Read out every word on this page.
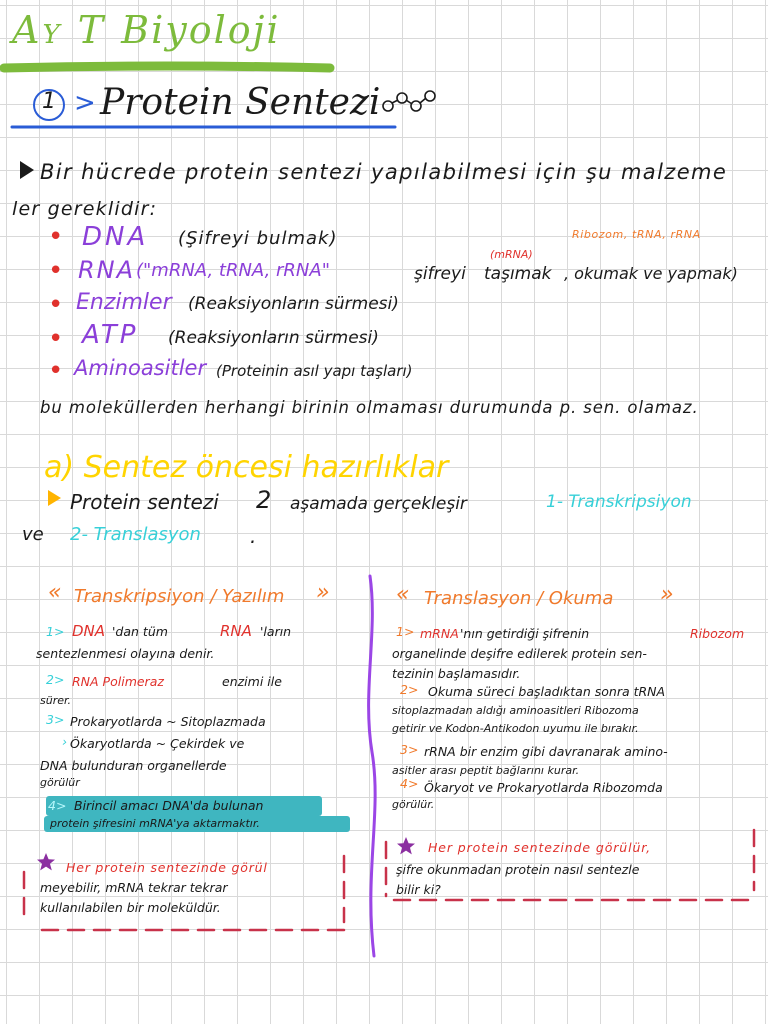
AY T Biyoloji
1 > Protein Sentezi
Bir hücrede protein sentezi yapılabilmesi için şu malzeme
ler gereklidir:
• DNA (Şifreyi bulmak)	Ribozom, tRNA, rRNA
(mRNA)
• RNA ("mRNA, tRNA, rRNA"	şifreyi taşımak , okumak ve yapmak)
• Enzimler (Reaksiyonların sürmesi)
• ATP (Reaksiyonların sürmesi)
• Aminoasitler (Proteinin asıl yapı taşları)
bu moleküllerden herhangi birinin olmaması durumunda p. sen. olamaz.
a) Sentez öncesi hazırlıklar
Protein sentezi 2 aşamada gerçekleşir	1- Transkripsiyon
ve 2- Translasyon .
« Transkripsiyon / Yazılım »
1> DNA 'dan tüm	RNA 'ların
sentezlenmesi olayına denir.
2> RNA Polimeraz	enzimi ile
sürer.
3> Prokaryotlarda ~ Sitoplazmada
› Ökaryotlarda ~ Çekirdek ve
DNA bulunduran organellerde
görülür
4> Birincil amacı DNA'da bulunan
protein şifresini mRNA'ya aktarmaktır.
Her protein sentezinde görül
meyebilir, mRNA tekrar tekrar
kullanılabilen bir moleküldür.
« Translasyon / Okuma »
1> mRNA 'nın getirdiği şifrenin	Ribozom
organelinde deşifre edilerek protein sen-
tezinin başlamasıdır.
2> Okuma süreci başladıktan sonra tRNA
sitoplazmadan aldığı aminoasitleri Ribozoma
getirir ve Kodon-Antikodon uyumu ile bırakır.
3> rRNA bir enzim gibi davranarak amino-
asitler arası peptit bağlarını kurar.
4> Ökaryot ve Prokaryotlarda Ribozomda
görülür.
Her protein sentezinde görülür,
şifre okunmadan protein nasıl sentezle
bilir ki?
